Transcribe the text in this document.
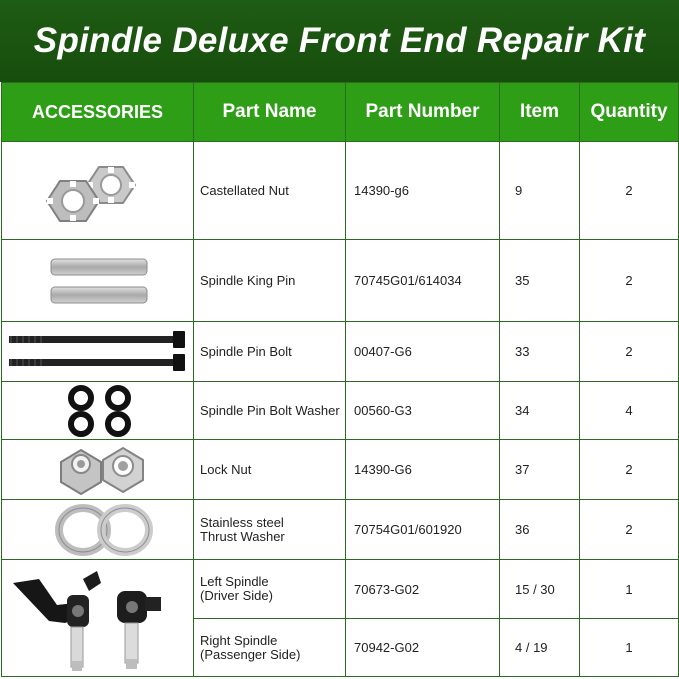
Spindle Deluxe Front End Repair Kit
ACCESSORIES	Part Name	Part Number	Item	Quantity

Castellated Nut	14390-g6	9	2

Spindle King Pin	70745G01/614034	35	2

Spindle Pin Bolt	00407-G6	33	2

Spindle Pin Bolt Washer	00560-G3	34	4

Lock Nut	14390-G6	37	2

Stainless steel
Thrust Washer	70754G01/601920	36	2

Left Spindle
(Driver Side)	70673-G02	15 / 30	1

	Right Spindle
(Passenger Side)	70942-G02	4 / 19	1
